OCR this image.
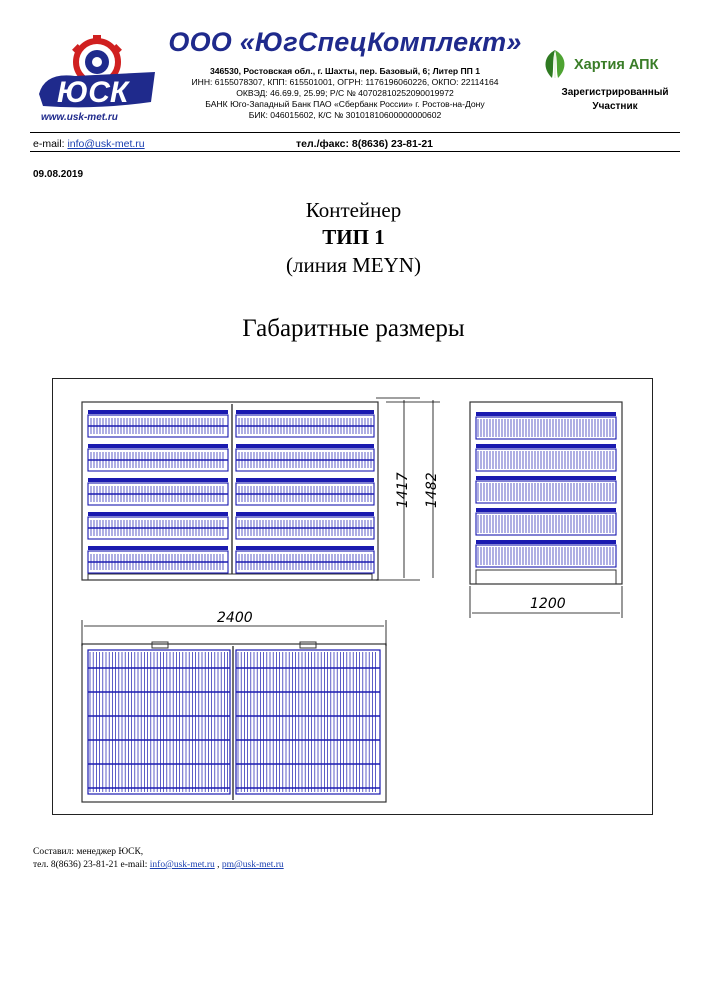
ЮСК
www.usk-met.ru
ООО «ЮгСпецКомплект»
346530, Ростовская обл., г. Шахты, пер. Базовый, 6; Литер ПП 1
ИНН: 6155078307, КПП: 615501001, ОГРН: 1176196060226, ОКПО: 22114164
ОКВЭД: 46.69.9, 25.99; Р/С № 40702810252090019972
БАНК Юго-Западный Банк ПАО «Сбербанк России» г. Ростов-на-Дону
БИК: 046015602, К/С № 30101810600000000602
Хартия АПК
Зарегистрированный
Участник
e-mail: info@usk-met.ru	тел./факс: 8(8636) 23-81-21
09.08.2019
Контейнер
ТИП 1
(линия MEYN)
Габаритные размеры
1417 1482
1200
2400
Составил: менеджер ЮСК,
тел. 8(8636) 23-81-21 e-mail: info@usk-met.ru , pm@usk-met.ru
